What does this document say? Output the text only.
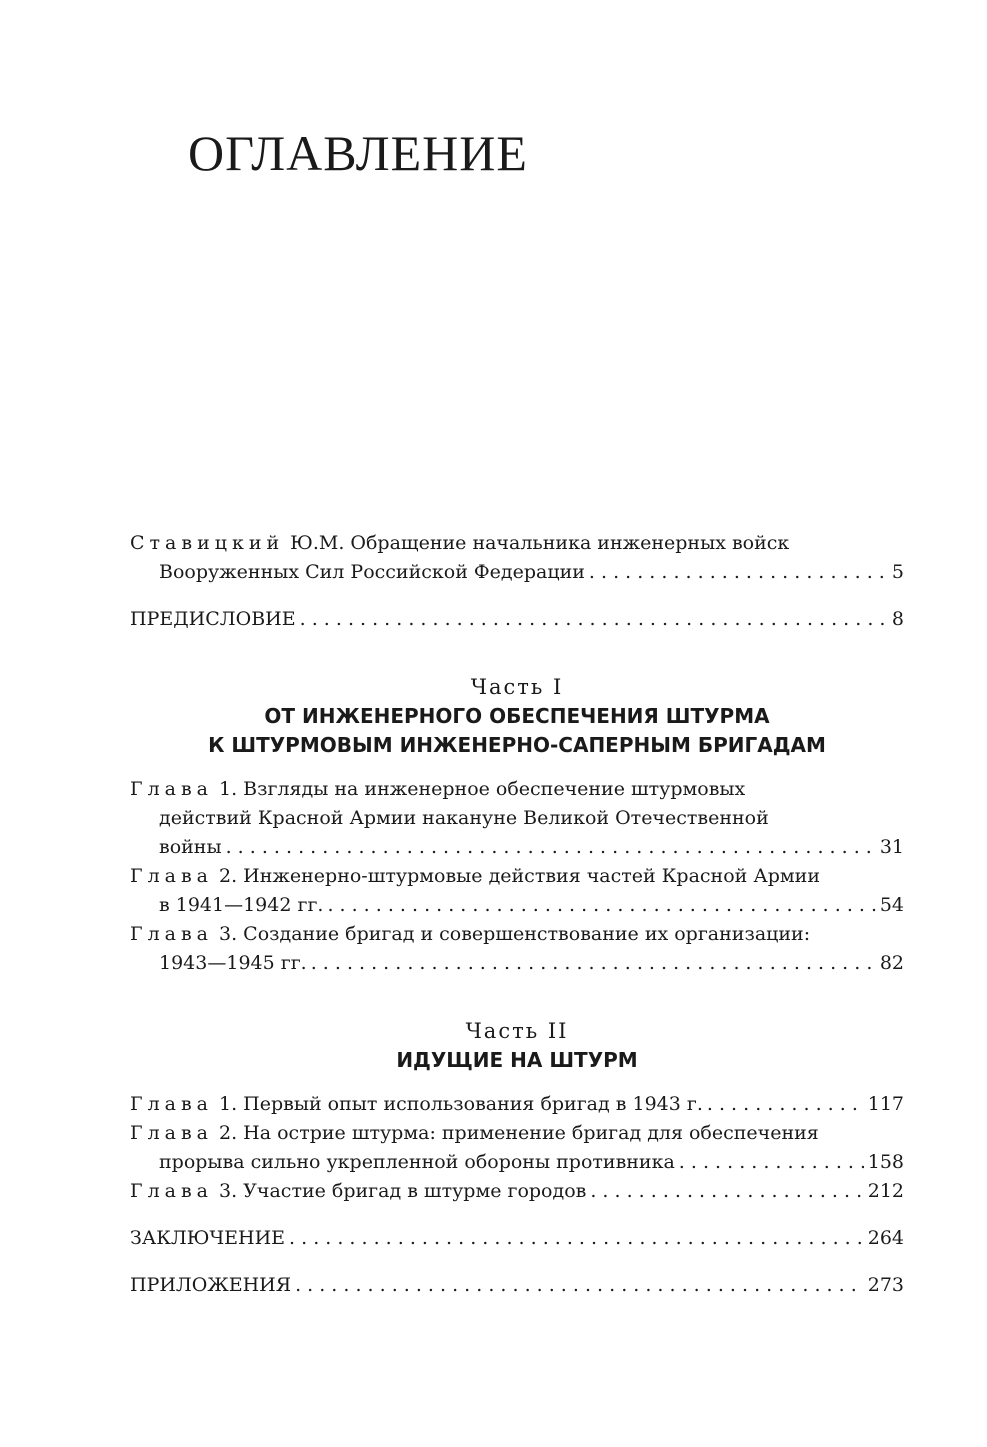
ОГЛАВЛЕНИЕ
Ставицкий Ю.М. Обращение начальника инженерных войск
Вооруженных Сил Российской Федерации . . .	5
ПРЕДИСЛОВИЕ . . .	8
Часть I
ОТ ИНЖЕНЕРНОГО ОБЕСПЕЧЕНИЯ ШТУРМА
К ШТУРМОВЫМ ИНЖЕНЕРНО-САПЕРНЫМ БРИГАДАМ
Глава 1. Взгляды на инженерное обеспечение штурмовых
действий Красной Армии накануне Великой Отечественной
войны . . .	31
Глава 2. Инженерно-штурмовые действия частей Красной Армии
в 1941—1942 гг. . . .	54
Глава 3. Создание бригад и совершенствование их организации:
1943—1945 гг. . . .	82
Часть II
ИДУЩИЕ НА ШТУРМ
Глава 1. Первый опыт использования бригад в 1943 г. . . .	117
Глава 2. На острие штурма: применение бригад для обеспечения
прорыва сильно укрепленной обороны противника . . .	158
Глава 3. Участие бригад в штурме городов . . .	212
ЗАКЛЮЧЕНИЕ . . .	264
ПРИЛОЖЕНИЯ . . .	273
